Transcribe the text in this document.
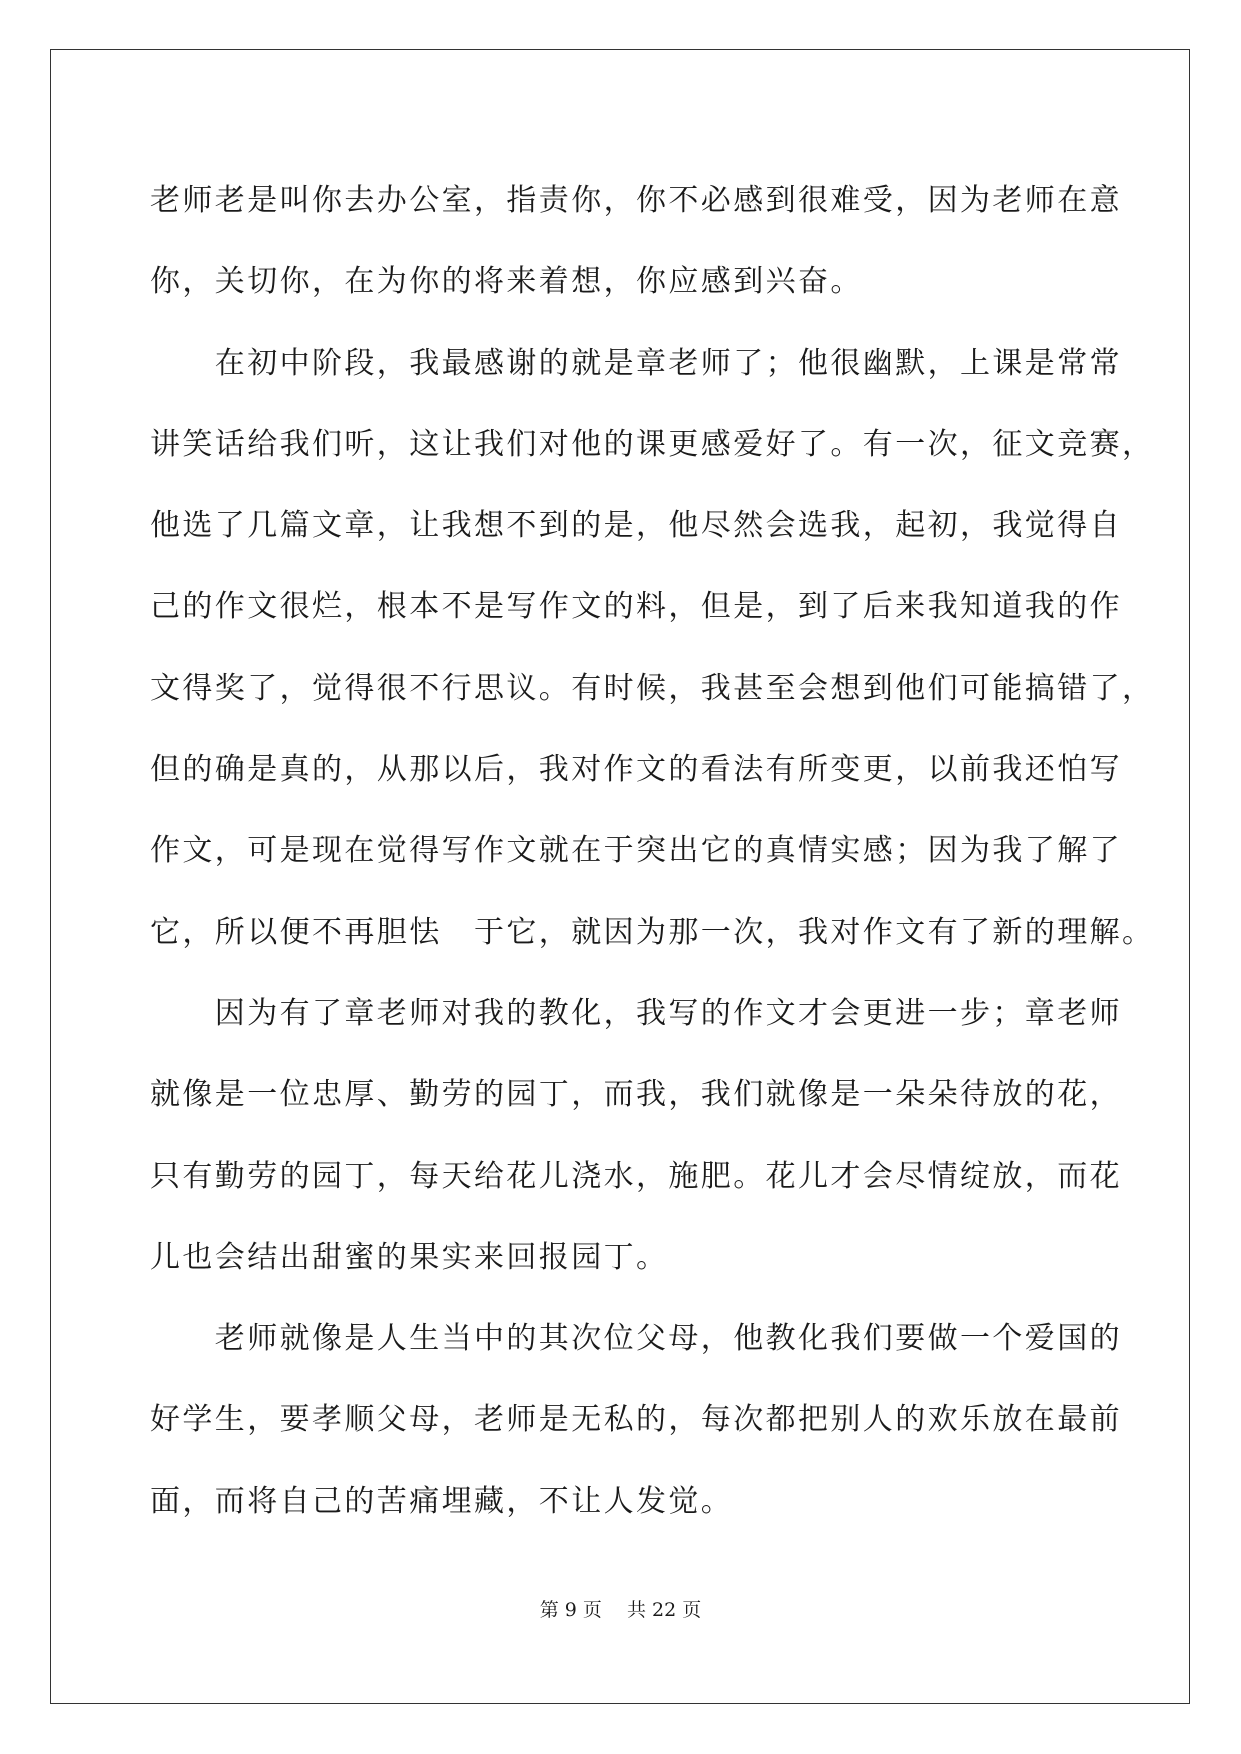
老师老是叫你去办公室，指责你，你不必感到很难受，因为老师在意
你，关切你，在为你的将来着想，你应感到兴奋。
　　在初中阶段，我最感谢的就是章老师了；他很幽默，上课是常常
讲笑话给我们听，这让我们对他的课更感爱好了。有一次，征文竞赛，
他选了几篇文章，让我想不到的是，他尽然会选我，起初，我觉得自
己的作文很烂，根本不是写作文的料，但是，到了后来我知道我的作
文得奖了，觉得很不行思议。有时候，我甚至会想到他们可能搞错了，
但的确是真的，从那以后，我对作文的看法有所变更，以前我还怕写
作文，可是现在觉得写作文就在于突出它的真情实感；因为我了解了
它，所以便不再胆怯　于它，就因为那一次，我对作文有了新的理解。
　　因为有了章老师对我的教化，我写的作文才会更进一步；章老师
就像是一位忠厚、勤劳的园丁，而我，我们就像是一朵朵待放的花，
只有勤劳的园丁，每天给花儿浇水，施肥。花儿才会尽情绽放，而花
儿也会结出甜蜜的果实来回报园丁。
　　老师就像是人生当中的其次位父母，他教化我们要做一个爱国的
好学生，要孝顺父母，老师是无私的，每次都把别人的欢乐放在最前
面，而将自己的苦痛埋藏，不让人发觉。
第 9 页　 共 22 页
